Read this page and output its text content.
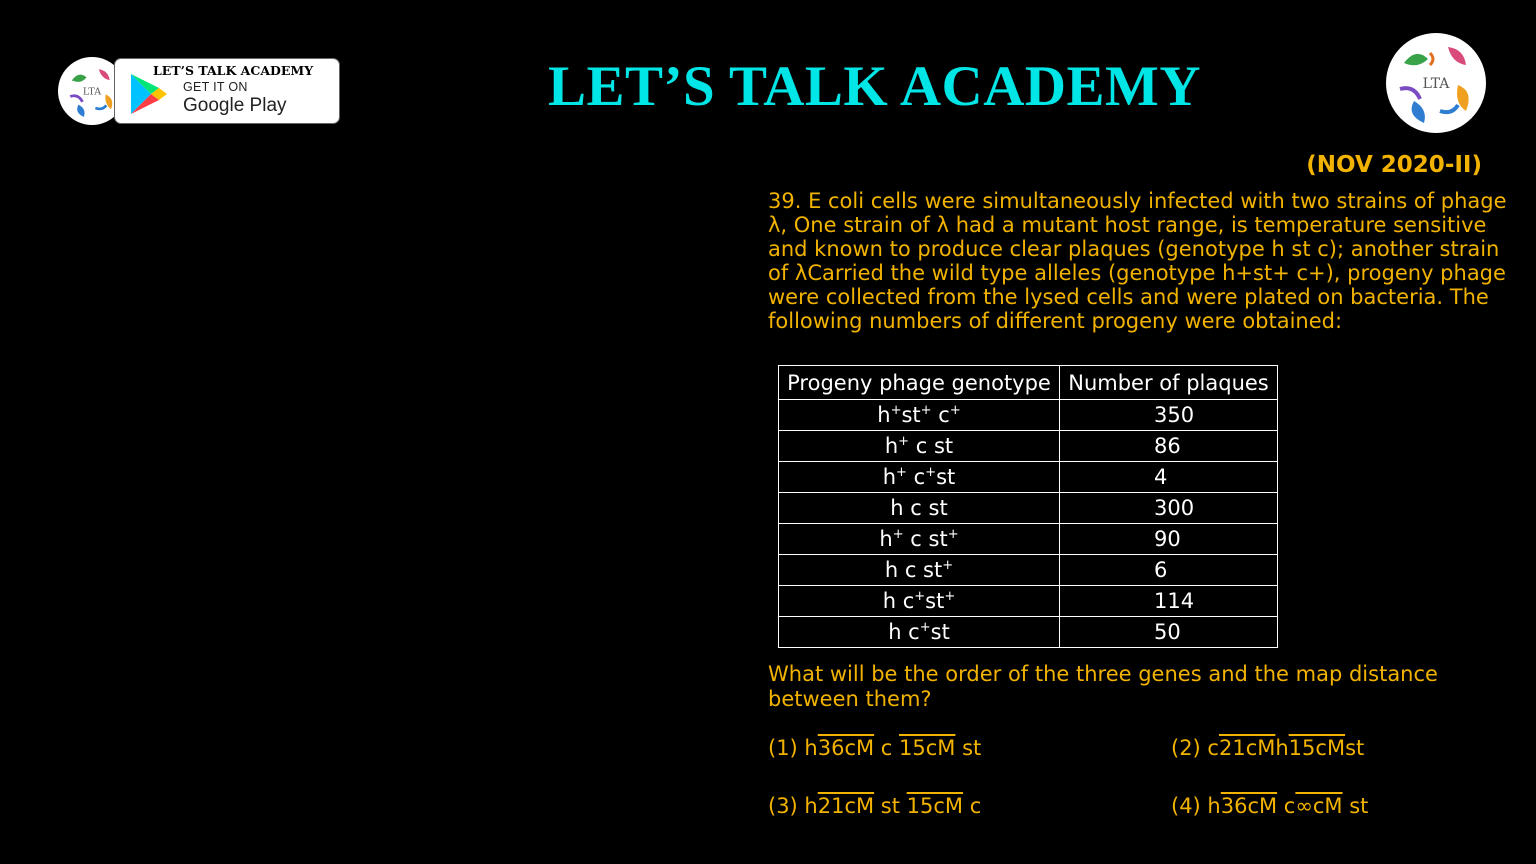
LTA
LET’S TALK ACADEMY
GET IT ON
Google Play	LET’S TALK ACADEMY	LTA
(NOV 2020-II)

39. E coli cells were simultaneously infected with two strains of phage λ, One strain of λ had a mutant host range, is temperature sensitive and known to produce clear plaques (genotype h st c); another strain of λCarried the wild type alleles (genotype h+st+ c+), progeny phage were collected from the lysed cells and were plated on bacteria. The following numbers of different progeny were obtained:

Progeny phage genotype	Number of plaques
h+st+ c+	350
h+ c st	86
h+ c+st	4
h c st	300
h+ c st+	90
h c st+	6
h c+st+	114
h c+st	50

What will be the order of the three genes and the map distance between them?

(1) h36cM c 15cM st	(2) c21cMh15cMst
(3) h21cM st 15cM c	(4) h36cM c∞cM st
